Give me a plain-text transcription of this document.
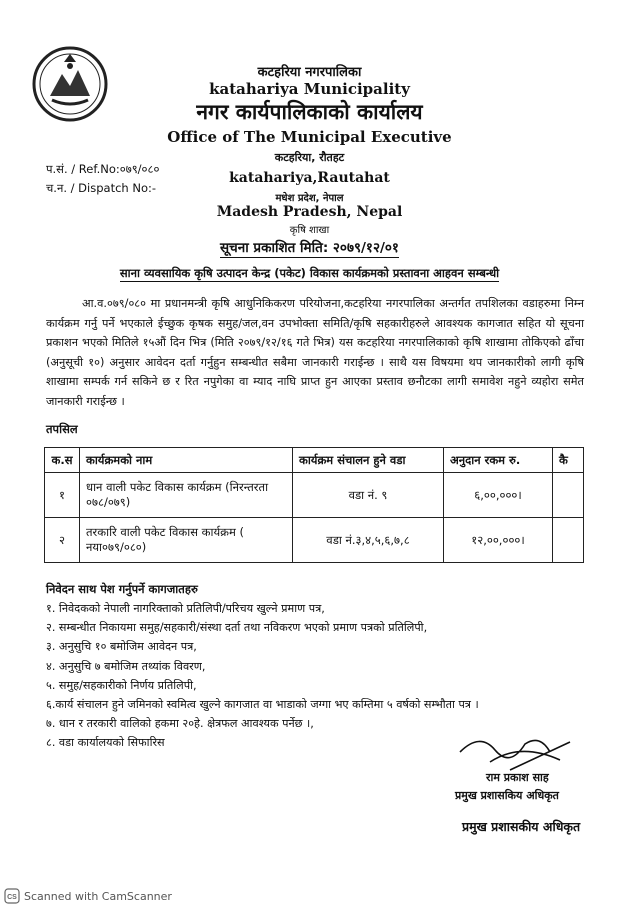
कटहरिया नगरपालिका
katahariya Municipality
नगर कार्यपालिकाको कार्यालय
Office of The Municipal Executive
कटहरिया, रौतहट
katahariya,Rautahat
मधेश प्रदेश, नेपाल
Madesh Pradesh, Nepal
कृषि शाखा
प.सं. / Ref.No:०७९/०८०
च.न. / Dispatch No:-
सूचना प्रकाशित मिति: २०७९/१२/०१
साना व्यवसायिक कृषि उत्पादन केन्द्र (पकेट) विकास कार्यक्रमको प्रस्तावना आहवन सम्बन्धी

आ.व.०७९/०८० मा प्रधानमन्त्री कृषि आधुनिकिकरण परियोजना,कटहरिया नगरपालिका अन्तर्गत तपशिलका वडाहरुमा निम्न कार्यक्रम गर्नु पर्ने भएकाले ईच्छुक कृषक समुह/जल,वन उपभोक्ता समिति/कृषि सहकारीहरुले आवश्यक कागजात सहित यो सूचना प्रकाशन भएको मितिले १५औं दिन भित्र (मिति २०७९/१२/१६ गते भित्र) यस कटहरिया नगरपालिकाको कृषि शाखामा तोकिएको ढाँचा (अनुसूची १०) अनुसार आवेदन दर्ता गर्नुहुन सम्बन्धीत सबैमा जानकारी गराईन्छ । साथै यस विषयमा थप जानकारीको लागी कृषि शाखामा सम्पर्क गर्न सकिने छ र रित नपुगेका वा म्याद नाघि प्राप्त हुन आएका प्रस्ताव छनौटका लागी समावेश नहुने व्यहोरा समेत जानकारी गराईन्छ ।

तपसिल
क.स	कार्यक्रमको नाम	कार्यक्रम संचालन हुने वडा	अनुदान रकम रु.	कै
१	धान वाली पकेट विकास कार्यक्रम (निरन्तरता ०७८/०७९)	वडा नं. ९	६,००,०००।	
२	तरकारि वाली पकेट विकास कार्यक्रम ( नया०७९/०८०)	वडा नं.३,४,५,६,७,८	१२,००,०००।	
निवेदन साथ पेश गर्नुपर्ने कागजातहरु
१. निवेदकको नेपाली नागरिक्ताको प्रतिलिपी/परिचय खुल्ने प्रमाण पत्र,
२. सम्बन्धीत निकायमा समुह/सहकारी/संस्था दर्ता तथा नविकरण भएको प्रमाण पत्रको प्रतिलिपी,
३. अनुसुचि १० बमोजिम आवेदन पत्र,
४. अनुसुचि ७ बमोजिम तथ्यांक विवरण,
५. समुह/सहकारीको निर्णय प्रतिलिपी,
६.कार्य संचालन हुने जमिनको स्वमित्व खुल्ने कागजात वा भाडाको जग्गा भए कम्तिमा ५ वर्षको सम्भौता पत्र ।
७. धान र तरकारी वालिको हकमा २०हे. क्षेत्रफल आवश्यक पर्नेछ ।,
८. वडा कार्यालयको सिफारिस
राम प्रकाश साह
प्रमुख प्रशासकिय अधिकृत
प्रमुख प्रशासकीय अधिकृत
CS Scanned with CamScanner
